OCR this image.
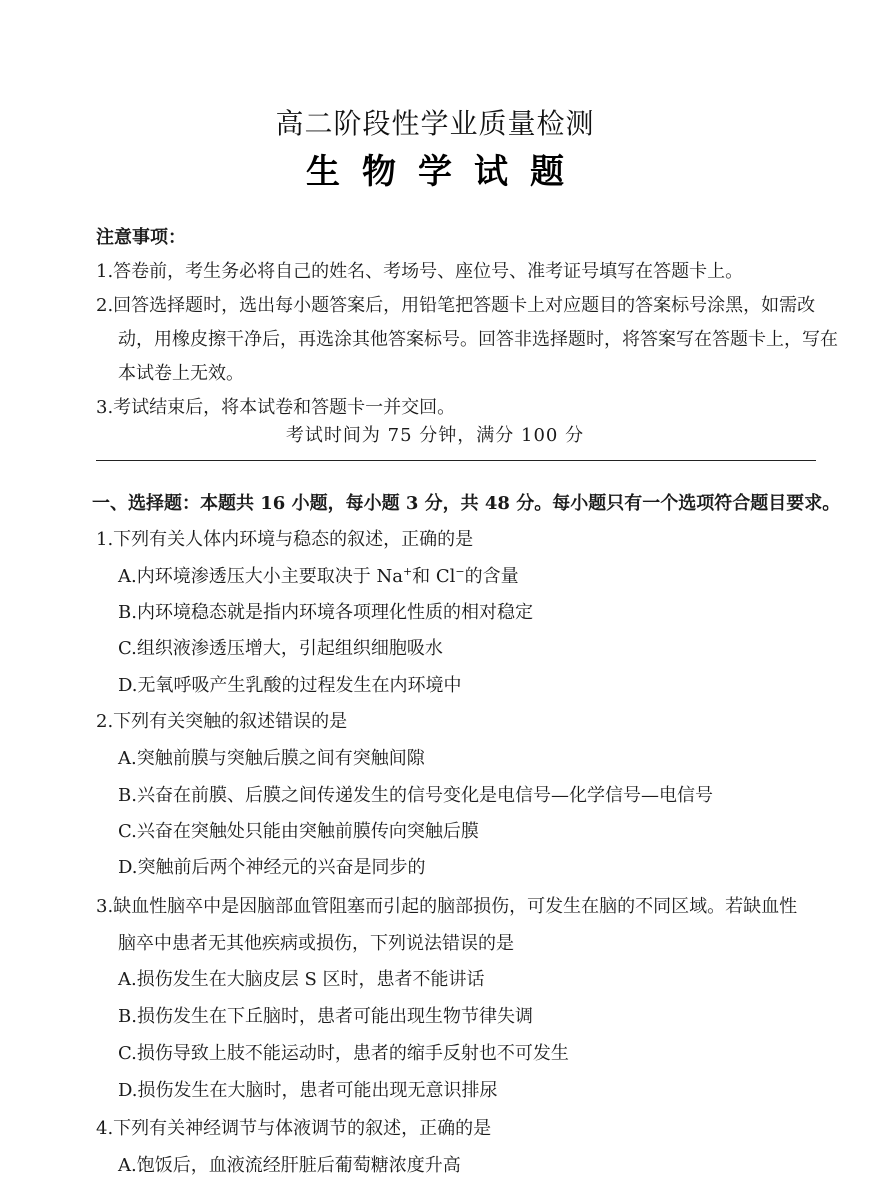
高二阶段性学业质量检测
生物学试题
注意事项：
1.答卷前，考生务必将自己的姓名、考场号、座位号、准考证号填写在答题卡上。
2.回答选择题时，选出每小题答案后，用铅笔把答题卡上对应题目的答案标号涂黑，如需改
动，用橡皮擦干净后，再选涂其他答案标号。回答非选择题时，将答案写在答题卡上，写在
本试卷上无效。
3.考试结束后，将本试卷和答题卡一并交回。
考试时间为 75 分钟，满分 100 分
一、选择题：本题共 16 小题，每小题 3 分，共 48 分。每小题只有一个选项符合题目要求。
1.下列有关人体内环境与稳态的叙述，正确的是
A.内环境渗透压大小主要取决于 Na+和 Cl−的含量
B.内环境稳态就是指内环境各项理化性质的相对稳定
C.组织液渗透压增大，引起组织细胞吸水
D.无氧呼吸产生乳酸的过程发生在内环境中
2.下列有关突触的叙述错误的是
A.突触前膜与突触后膜之间有突触间隙
B.兴奋在前膜、后膜之间传递发生的信号变化是电信号—化学信号—电信号
C.兴奋在突触处只能由突触前膜传向突触后膜
D.突触前后两个神经元的兴奋是同步的
3.缺血性脑卒中是因脑部血管阻塞而引起的脑部损伤，可发生在脑的不同区域。若缺血性
脑卒中患者无其他疾病或损伤，下列说法错误的是
A.损伤发生在大脑皮层 S 区时，患者不能讲话
B.损伤发生在下丘脑时，患者可能出现生物节律失调
C.损伤导致上肢不能运动时，患者的缩手反射也不可发生
D.损伤发生在大脑时，患者可能出现无意识排尿
4.下列有关神经调节与体液调节的叙述，正确的是
A.饱饭后，血液流经肝脏后葡萄糖浓度升高
